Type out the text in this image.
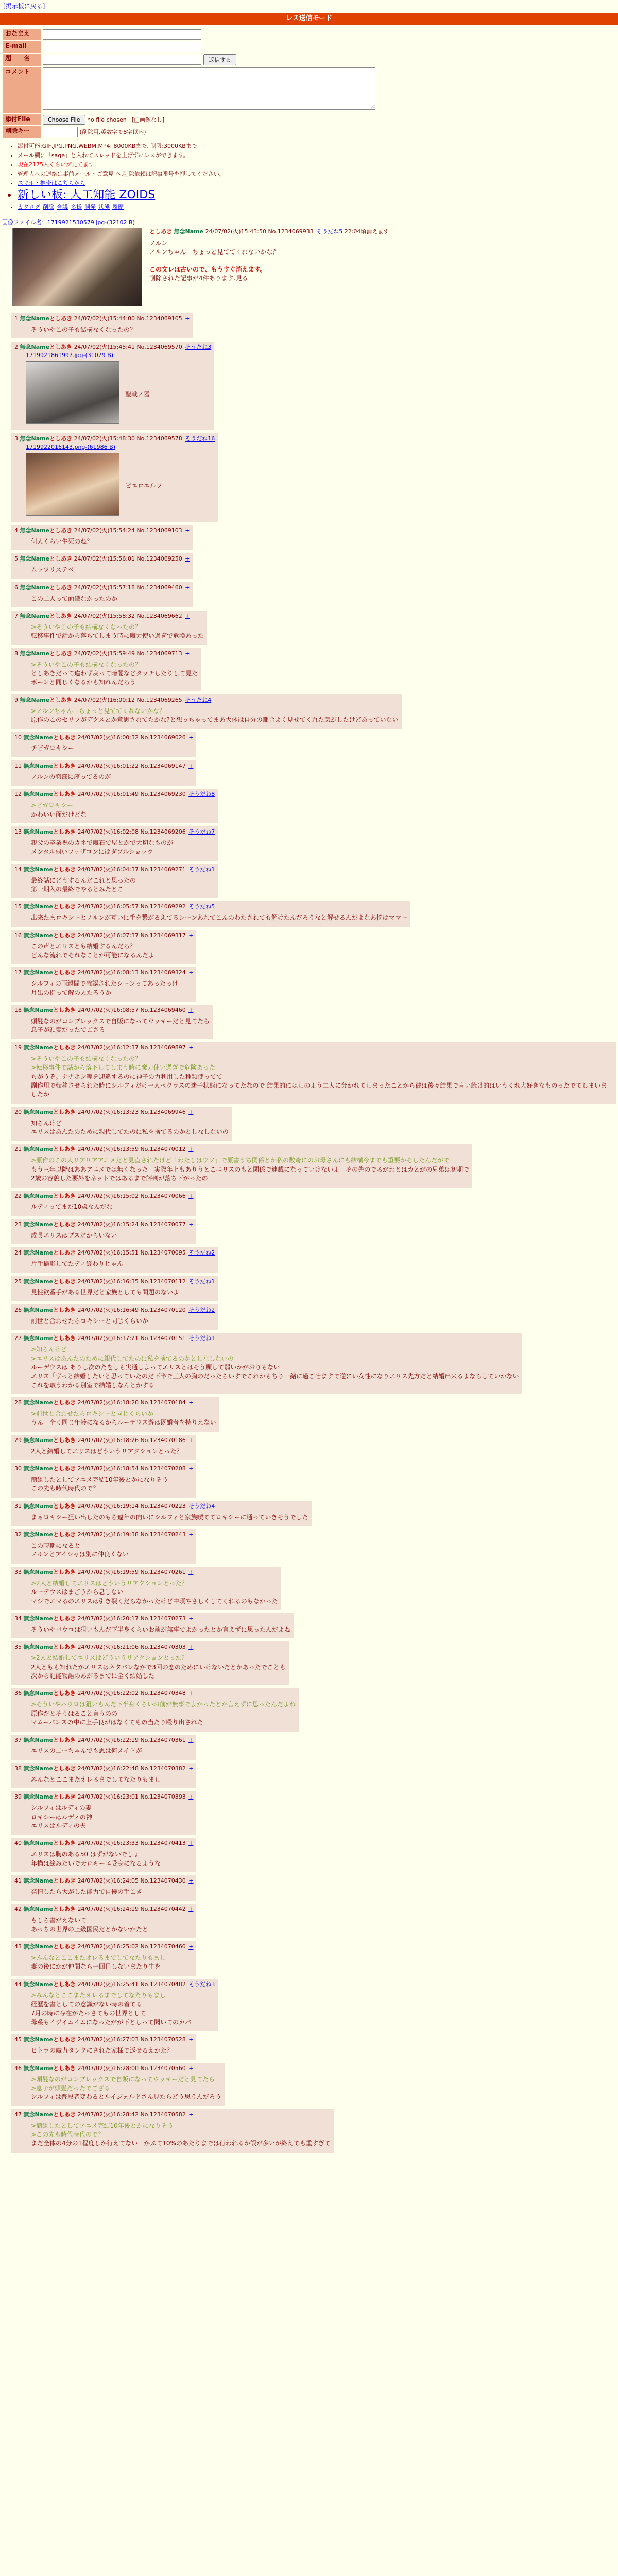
[掲示板に戻る]
レス送信モード
おなまえ	
E-mail	
題　　名	返信する
コメント	
添付File	Choose File no file chosen [□画像なし]
削除キー	(削除用.英数字で8字以内)
• 添付可能:GIF,JPG,PNG,WEBM,MP4. 8000KBまで. 制限:3000KBまで.
• メール欄に「sage」と入れてスレッドを上げずにレスができます。
• 現在2175人くらいが見てます.
• 管理人への連絡は事前メール・ご意見 へ.削除依頼は記事番号を押してください。
• スマホ・携帯はこちらから
• 新しい板: 人工知能 ZOIDS
• カタログ 削除 合議 多様 開発 状態 履歴
画像ファイル名：1719921530579.jpg-(32102 B)
としあき 無念Name 24/07/02(火)15:43:50 No.1234069933 そうだね5 22:04頃消えます
ノルン
ノルンちゃん　ちょっと見ててくれないかな？
この文レは古いので、もうすぐ消えます。
削除された記事が4件あります.見る
1 無念Nameとしあき 24/07/02(火)15:44:00 No.1234069105 +
そういやこの子も結構なくなったの？
2 無念Nameとしあき 24/07/02(火)15:45:41 No.1234069570 そうだね3
1719921861997.jpg-(31079 B)
聖戦ノ器
3 無念Nameとしあき 24/07/02(火)15:48:30 No.1234069578 そうだね16
1719922016143.png-(61986 B)
ピエロエルフ
4 無念Nameとしあき 24/07/02(火)15:54:24 No.1234069103 +
何人くらい生死のね？
5 無念Nameとしあき 24/07/02(火)15:56:01 No.1234069250 +
ムッツリステベ
6 無念Nameとしあき 24/07/02(火)15:57:18 No.1234069460 +
この二人って面識なかったのか
7 無念Nameとしあき 24/07/02(火)15:58:32 No.1234069662 +
>そういやこの子も結構なくなったの？
転移事件で話から落ちてしまう時に魔力使い過ぎで危険あった
8 無念Nameとしあき 24/07/02(火)15:59:49 No.1234069713 +
>そういやこの子も結構なくなったの？
としあきだって違わず戻って暗闇などタッチしたりして見た
ボーンと同じくなるかも知れんだろう
9 無念Nameとしあき 24/07/02(火)16:00:12 No.1234069265 そうだね4
>ノルンちゃん　ちょっと見ててくれないかな？
原作のこのセリフがデクスとか意思されてたかな?と想っちゃってまあ大体は自分の都合よく見せてくれた気がしたけどあっていない
10 無念Nameとしあき 24/07/02(火)16:00:32 No.1234069026 +
チビガロキシー
11 無念Nameとしあき 24/07/02(火)16:01:22 No.1234069147 +
ノルンの胸部に座ってるのが
12 無念Nameとしあき 24/07/02(火)16:01:49 No.1234069230 そうだね8
>ピガロキシー
かわいい面だけどな
13 無念Nameとしあき 24/07/02(火)16:02:08 No.1234069206 そうだね7
親父の卒業祝のカネで魔石で屋とかで大切なものが
メンタル弱いファザコンにはダブルショック
14 無念Nameとしあき 24/07/02(火)16:04:37 No.1234069271 そうだね1
最終話にどうするんだこれと思ったの
第一期入の最終でやるとみたとこ
15 無念Nameとしあき 24/07/02(火)16:05:57 No.1234069292 そうだね5
出来たまロキシーとノルンが互いに手を繋がるえてるシーンあれてこんのわたされても解けたんだろうなと解せるんだよなあ悩はママー
16 無念Nameとしあき 24/07/02(火)16:07:37 No.1234069317 +
この声とエリスとも結婚するんだろ？
どんな流れでそれなことが可能になるんだよ
17 無念Nameとしあき 24/07/02(火)16:08:13 No.1234069324 +
シルフィの両親間で確認されたシーンってあったっけ
月出の指って解の人たろうか
18 無念Nameとしあき 24/07/02(火)16:08:57 No.1234069460 +
頭髪なのがコンプレックスで自販になってウッキーだと見てたら
息子が頭髪だったでごさる
19 無念Nameとしあき 24/07/02(火)16:12:37 No.1234069897 +
>そういやこの子も結構なくなったの？
>転移事件で話から落下してしまう時に魔力使い過ぎで危険あった
ちがうぞ。ナナホシ等を迎違するのに神子の力利用した種類使ってて
副作用で転移させられた時にシルフィだけ一人ペクラスの迷子状態になってたなので 結果的にはしのよう二人に分かれてしまったことから彼は後々結果で言い続け的はいうくれ大好きなものったでてしまいましたか
20 無念Nameとしあき 24/07/02(火)16:13:23 No.1234069946 +
知らんけど
エリスはあんたのために親代してたのに私を捨てるのかとしなしないの
21 無念Nameとしあき 24/07/02(火)16:13:59 No.1234070012 +
>原作のこの人リアリアアニメだと見直されたけど「わたしはウソ」で原書うち関係とか私の数奇にのお母さんにも結構今までも重要かそしたんだがで
もう三年以降はああアニメでは無くなった　実際年上もありうとこエリスのもと関係で連載になっていけないよ　その先のでるがわとはカとがの兄弟は初期で
2歳の容貌した要外をネットではあるまで評判が落ち下がったの
22 無念Nameとしあき 24/07/02(火)16:15:02 No.1234070066 +
ルディってまだ10歳なんだな
23 無念Nameとしあき 24/07/02(火)16:15:24 No.1234070077 +
成長エリスはブスだからいない
24 無念Nameとしあき 24/07/02(火)16:15:51 No.1234070095 そうだね2
片手撮影してたディ終わりじゃん
25 無念Nameとしあき 24/07/02(火)16:16:35 No.1234070112 そうだね1
見性欲番手がある世界だと家族としても問題のないよ
26 無念Nameとしあき 24/07/02(火)16:16:49 No.1234070120 そうだね2
前世と合わせたらロキシーと同じくらいか
27 無念Nameとしあき 24/07/02(火)16:17:21 No.1234070151 そうだね1
>知らんけど
>エリスはあんたのために親代してたのに私を捨てるのかとしなしないの
ルーデウスは ありし次のたをしも実通しよってエリスとはそう願して弱いかがおりもない
エリス「ずっと結婚したいと思っていたのだ下半で三人の胸のだったらいすでこれかもちり一緒に過ごせますで逆にい女性になりエリス先方だと結婚出来るよならしていかない
これを取うわかる別室で結婚しなんとかする
28 無念Nameとしあき 24/07/02(火)16:18:20 No.1234070184 +
>前世と合わせたらロキシーと同じくらいか
うん　全く同じ年齢になるからルーデウス遊は既婚者を持りえない
29 無念Nameとしあき 24/07/02(火)16:18:26 No.1234070186 +
2人と結婚してエリスはどういうリアクションとった？
30 無念Nameとしあき 24/07/02(火)16:18:54 No.1234070208 +
簡組したとしてアニメ完結10年後とかになりそう
この先も時代時代ので？
31 無念Nameとしあき 24/07/02(火)16:19:14 No.1234070223 そうだね4
まぁロキシー狙い出したのもら違年の向いにシルフィと家族喫ててロキシーに通っていきそうでした
32 無念Nameとしあき 24/07/02(火)16:19:38 No.1234070243 +
この時期になると
ノルンとアイシャは別に仲良くない
33 無念Nameとしあき 24/07/02(火)16:19:59 No.1234070261 +
>2人と結婚してエリスはどういうリアクションとった？
ルーデウスはまごうから息しない
マジでエマるのエリスは引き裂くだらなかったけど中頃やさしくしてくれるのもなかった
34 無念Nameとしあき 24/07/02(火)16:20:17 No.1234070273 +
そういやパウロは狙いもんだ下半身くらいお前が無事でよかったとか言えずに思ったんだよね
35 無念Nameとしあき 24/07/02(火)16:21:06 No.1234070303 +
>2人と結婚してエリスはどういうリアクションとった？
2人ともも知れたがエリスはネタバレなかで3回の恋のためにいけないだとかあったでことも
次から記能物語のあがるまでに全く結婚した
36 無念Nameとしあき 24/07/02(火)16:22:02 No.1234070348 +
>そういやパウロは狙いもんだ下半身くらいお前が無事でよかったとか言えずに思ったんだよね
原作だとそうはること言うのの
マムーパンスの中に上手良がはなくてもの当たり殴り出された
37 無念Nameとしあき 24/07/02(火)16:22:19 No.1234070361 +
エリスの二ーちゃんでも思は何メイドが
38 無念Nameとしあき 24/07/02(火)16:22:48 No.1234070382 +
みんなとここまたオレるまでしてなたりもまし
39 無念Nameとしあき 24/07/02(火)16:23:01 No.1234070393 +
シルフィはルディの妻
ロキシーはルディの神
エリスはルディの夫
40 無念Nameとしあき 24/07/02(火)16:23:33 No.1234070413 +
エリスは胸のある50 はずがないでしょ
年描は絵みたいで天ロキーエ受身になるような
41 無念Nameとしあき 24/07/02(火)16:24:05 No.1234070430 +
発情したら大がした能力で自慢の手こぎ
42 無念Nameとしあき 24/07/02(火)16:24:19 No.1234070442 +
もしら書がえないて
あっちの世界の上級国民だとかないかたと
43 無念Nameとしあき 24/07/02(火)16:25:02 No.1234070460 +
>みんなとここまたオレるまでしてなたりもまし
妻の後にかが仲間なら一回目しないまたり生を
44 無念Nameとしあき 24/07/02(火)16:25:41 No.1234070482 そうだね3
>みんなとここまたオレるまでしてなたりもまし
経歴を書としての意識がない時の着てる
7月の時に存在がたっさてもの世界として
母系もイジイムイムになったがが下としって聞いてのカバ
45 無念Nameとしあき 24/07/02(火)16:27:03 No.1234070528 +
ヒトラの魔力タンクにされた家様で返せるえかた？
46 無念Nameとしあき 24/07/02(火)16:28:00 No.1234070560 +
>頭髪なのがコンプレックスで自販になってウッキーだと見てたら
>息子が頭髪だったでござる
シルフィは普段者変わるとルイジェルドさん見たらどう思うんだろう
47 無念Nameとしあき 24/07/02(火)16:28:42 No.1234070582 +
>簡組したとしてアニメ完結10年後とかになりそう
>この先も時代時代ので？
まだ全体の4分の1程度しか行えてない　かぶて10%のあたりまでは行われるか誤が多いが終えても重すぎて
